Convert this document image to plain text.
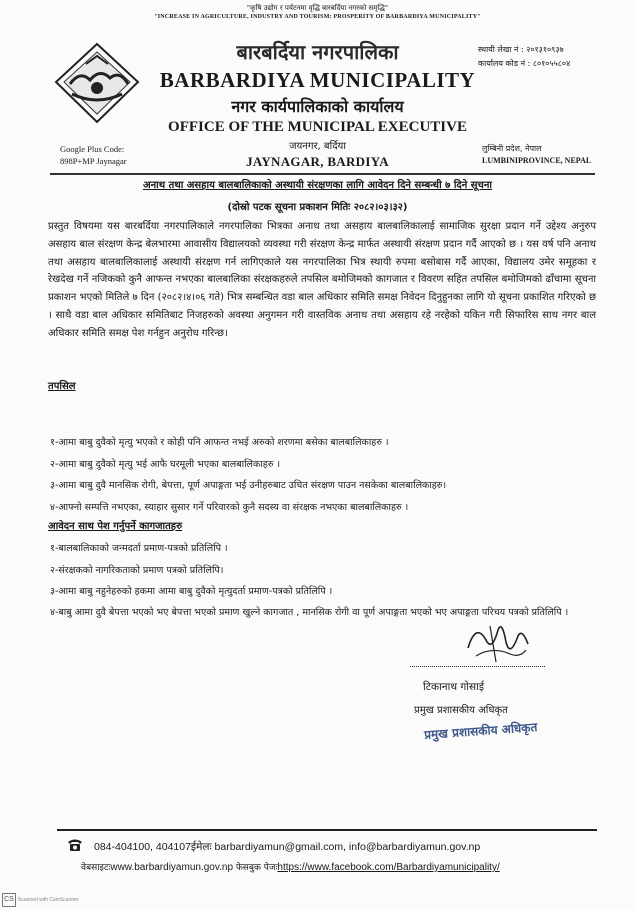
"कृषि उद्योग र पर्यटनमा वृद्धि बारबर्दिया नगरको समृद्धि"
"INCREASE IN AGRICULTURE, INDUSTRY AND TOURISM: PROSPERITY OF BARBARDIYA MUNICIPALITY"
बारबर्दिया नगरपालिका
BARBARDIYA MUNICIPALITY
नगर कार्यपालिकाको कार्यालय
OFFICE OF THE MUNICIPAL EXECUTIVE
जयनगर, बर्दिया
JAYNAGAR, BARDIYA
स्थायी लेखा नं : २०१३१०९३७
कार्यालय कोड नं : ८०१०५५८०४
Google Plus Code:
898P+MP Jaynagar
लुम्बिनी प्रदेश, नेपाल
LUMBINIPROVINCE, NEPAL
अनाथ तथा असहाय बालबालिकाको अस्थायी संरक्षणका लागि आवेदन दिने सम्बन्धी ७ दिने सूचना
(दोस्रो पटक सूचना प्रकाशन मितिः २०८२।०३।३२)
प्रस्तुत विषयमा यस बारबर्दिया नगरपालिकाले नगरपालिका भित्रका अनाथ तथा असहाय बालबालिकालाई सामाजिक सुरक्षा प्रदान गर्ने उद्देश्य अनुरुप असहाय बाल संरक्षण केन्द्र बेलभारमा आवासीय विद्यालयको व्यवस्था गरी संरक्षण केन्द्र मार्फत अस्थायी संरक्षण प्रदान गर्दै आएको छ । यस वर्ष पनि अनाथ तथा असहाय बालबालिकालाई अस्थायी संरक्षण गर्न लागिएकाले यस नगरपालिका भित्र स्थायी रुपमा बसोबास गर्दै आएका, विद्यालय उमेर समूहका र रेखदेख गर्ने नजिकको कुनै आफन्त नभएका बालबालिका संरक्षकहरुले तपसिल बमोजिमको कागजात र विवरण सहित तपसिल बमोजिमको ढाँचामा सूचना प्रकाशन भएको मितिले ७ दिन (२०८२।४।०६ गते) भित्र सम्बन्धित वडा बाल अधिकार समिति समक्ष निवेदन दिनुहुनका लागि यो सूचना प्रकाशित गरिएको छ । साथै वडा बाल अधिकार समितिबाट निजहरुको अवस्था अनुगमन गरी वास्तविक अनाथ तथा असहाय रहे नरहेको यकिन गरी सिफारिस साथ नगर बाल अधिकार समिति समक्ष पेश गर्नहुन अनुरोध गरिन्छ।
तपसिल
१-आमा बाबु दुवैको मृत्यु भएको र कोही पनि आफन्त नभई अरुको शरणमा बसेका बालबालिकाहरु ।
२-आमा बाबु दुवैको मृत्यु भई आफै घरमूली भएका बालबालिकाहरु ।
३-आमा बाबु दुवै मानसिक रोगी, बेपत्ता, पूर्ण अपाङ्गता भई उनीहरुबाट उचित संरक्षण पाउन नसकेका बालबालिकाहरु।
४-आफ्नो सम्पत्ति नभएका, स्याहार सुसार गर्ने परिवारको कुनै सदस्य वा संरक्षक नभएका बालबालिकाहरु ।
आवेदन साथ पेश गर्नुपर्ने कागजातहरु
१-बालबालिकाको जन्मदर्ता प्रमाण-पत्रको प्रतिलिपि ।
२-संरक्षकको नागरिकताको प्रमाण पत्रको प्रतिलिपि।
३-आमा बाबु नहुनेहरुको हकमा आमा बाबु दुवैको मृत्युदर्ता प्रमाण-पत्रको प्रतिलिपि ।
४-बाबु आमा दुवै बेपत्ता भएको भए बेपत्ता भएको प्रमाण खुल्ने कागजात , मानसिक रोगी वा पूर्ण अपाङ्गता भएको भए अपाङ्गता परिचय पत्रको प्रतिलिपि ।
टिकानाथ गोसाई
प्रमुख प्रशासकीय अधिकृत
प्रमुख प्रशासकीय अधिकृत
084-404100, 404107ईमेलः barbardiyamun@gmail.com, info@barbardiyamun.gov.np
वेबसाइटःwww.barbardiyamun.gov.np फेसबुक पेजःhttps://www.facebook.com/Barbardiyamunicipality/
CS Scanned with CamScanner
